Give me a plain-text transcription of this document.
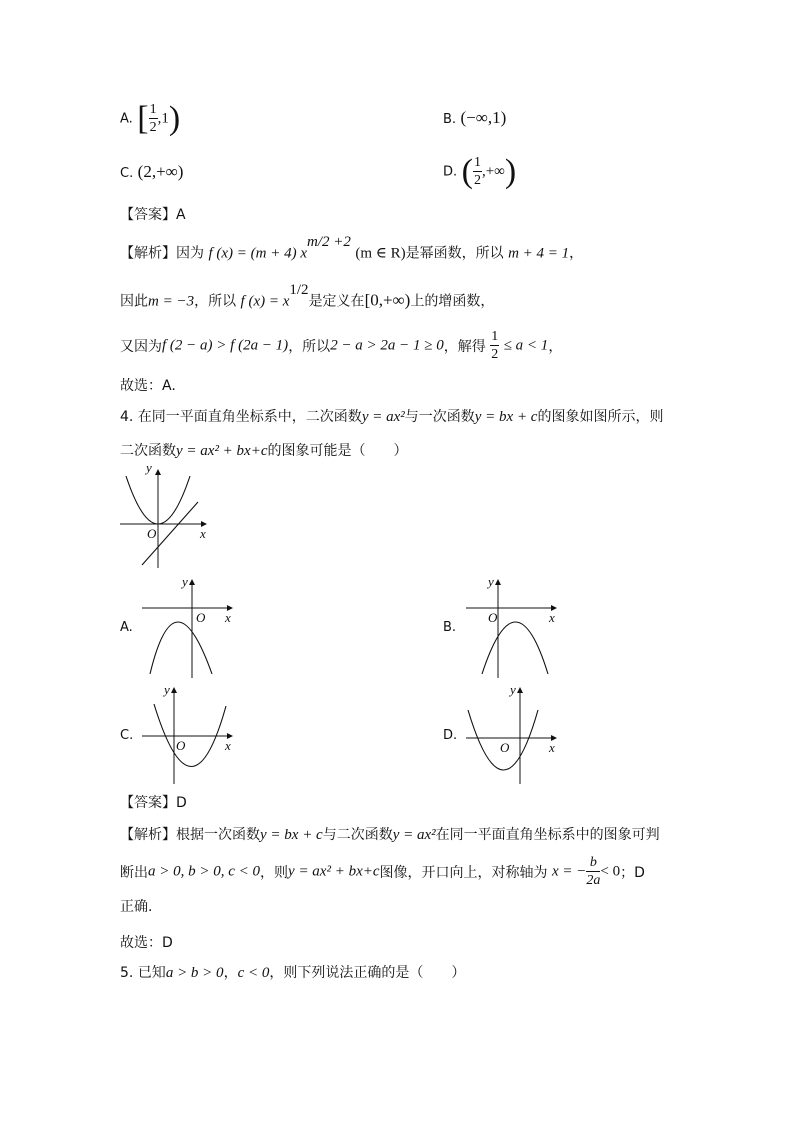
A. [ $\frac{1}{2} ,1$)	B. (−∞,1)
C. (2,+∞)	D. ( $\frac{1}{2}$ ,+∞)
【答案】A
【解析】因为 f (x) = (m + 4) $x^{m/2 +2}$ (m ∈ R)是幂函数，所以 m + 4 = 1，
因此m = −3，所以 f $(x) = x^{1/2}$是定义在[0,+∞)上的增函数，
又因为f (2 − a) > f (2a − 1)，所以2 − a > 2a − 1 ≥ 0，解得 $\frac{1}{2} \le a < 1$，
故选：A.
4. 在同一平面直角坐标系中，二次函数y = ax²与一次函数y = bx + c的图象如图所示，则
二次函数y = ax² + bx+c的图象可能是（　　）
y
x
O
A.
y
x
O
B.
y
x
O
C.
y
x
O
D.
y
x
O
【答案】D
【解析】根据一次函数y = bx + c与二次函数y = ax²在同一平面直角坐标系中的图象可判
断出a > 0, b > 0, c < 0，则y = ax² + bx+c图像，开口向上，对称轴为 x = − $\frac{b}{2a} < 0$；D
正确.
故选：D
5. 已知a > b > 0，c < 0，则下列说法正确的是（　　）
